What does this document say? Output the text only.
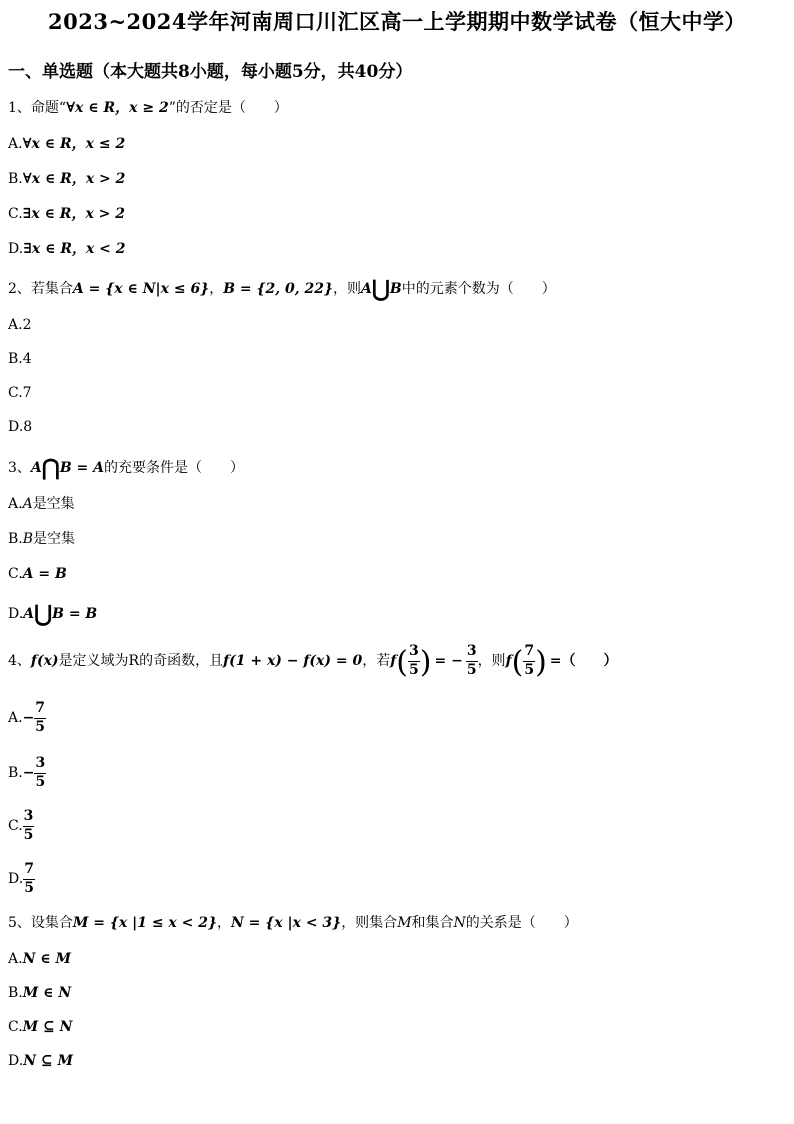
2023~2024学年河南周口川汇区高一上学期期中数学试卷（恒大中学）
一、单选题（本大题共8小题，每小题5分，共40分）
1、命题“∀x ∈ R，x ≥ 2”的否定是（　　）
A.∀x ∈ R，x ≤ 2
B.∀x ∈ R，x > 2
C.∃x ∈ R，x > 2
D.∃x ∈ R，x < 2
2、若集合A = {x ∈ N|x ≤ 6}，B = {2, 0, 22}，则A⋃B中的元素个数为（　　）
A.2
B.4
C.7
D.8
3、A⋂B = A的充要条件是（　　）
A.A是空集
B.B是空集
C.A = B
D.A⋃B = B
4、f(x)是定义域为R的奇函数，且f(1 + x) − f(x) = 0，若$f( \frac{3}{5}$ ) = − $\frac{3}{5}$ ，则$f( \frac{7}{5}$ ) =（　　）
$A.- \frac{7}{5}$
$B.- \frac{3}{5}$
C. $\frac{3}{5}$
D. $\frac{7}{5}$
5、设集合M = {x |1 ≤ x < 2}，N = {x |x < 3}，则集合M和集合N的关系是（　　）
A.N ∈ M
B.M ∈ N
C.M ⊆ N
D.N ⊆ M
